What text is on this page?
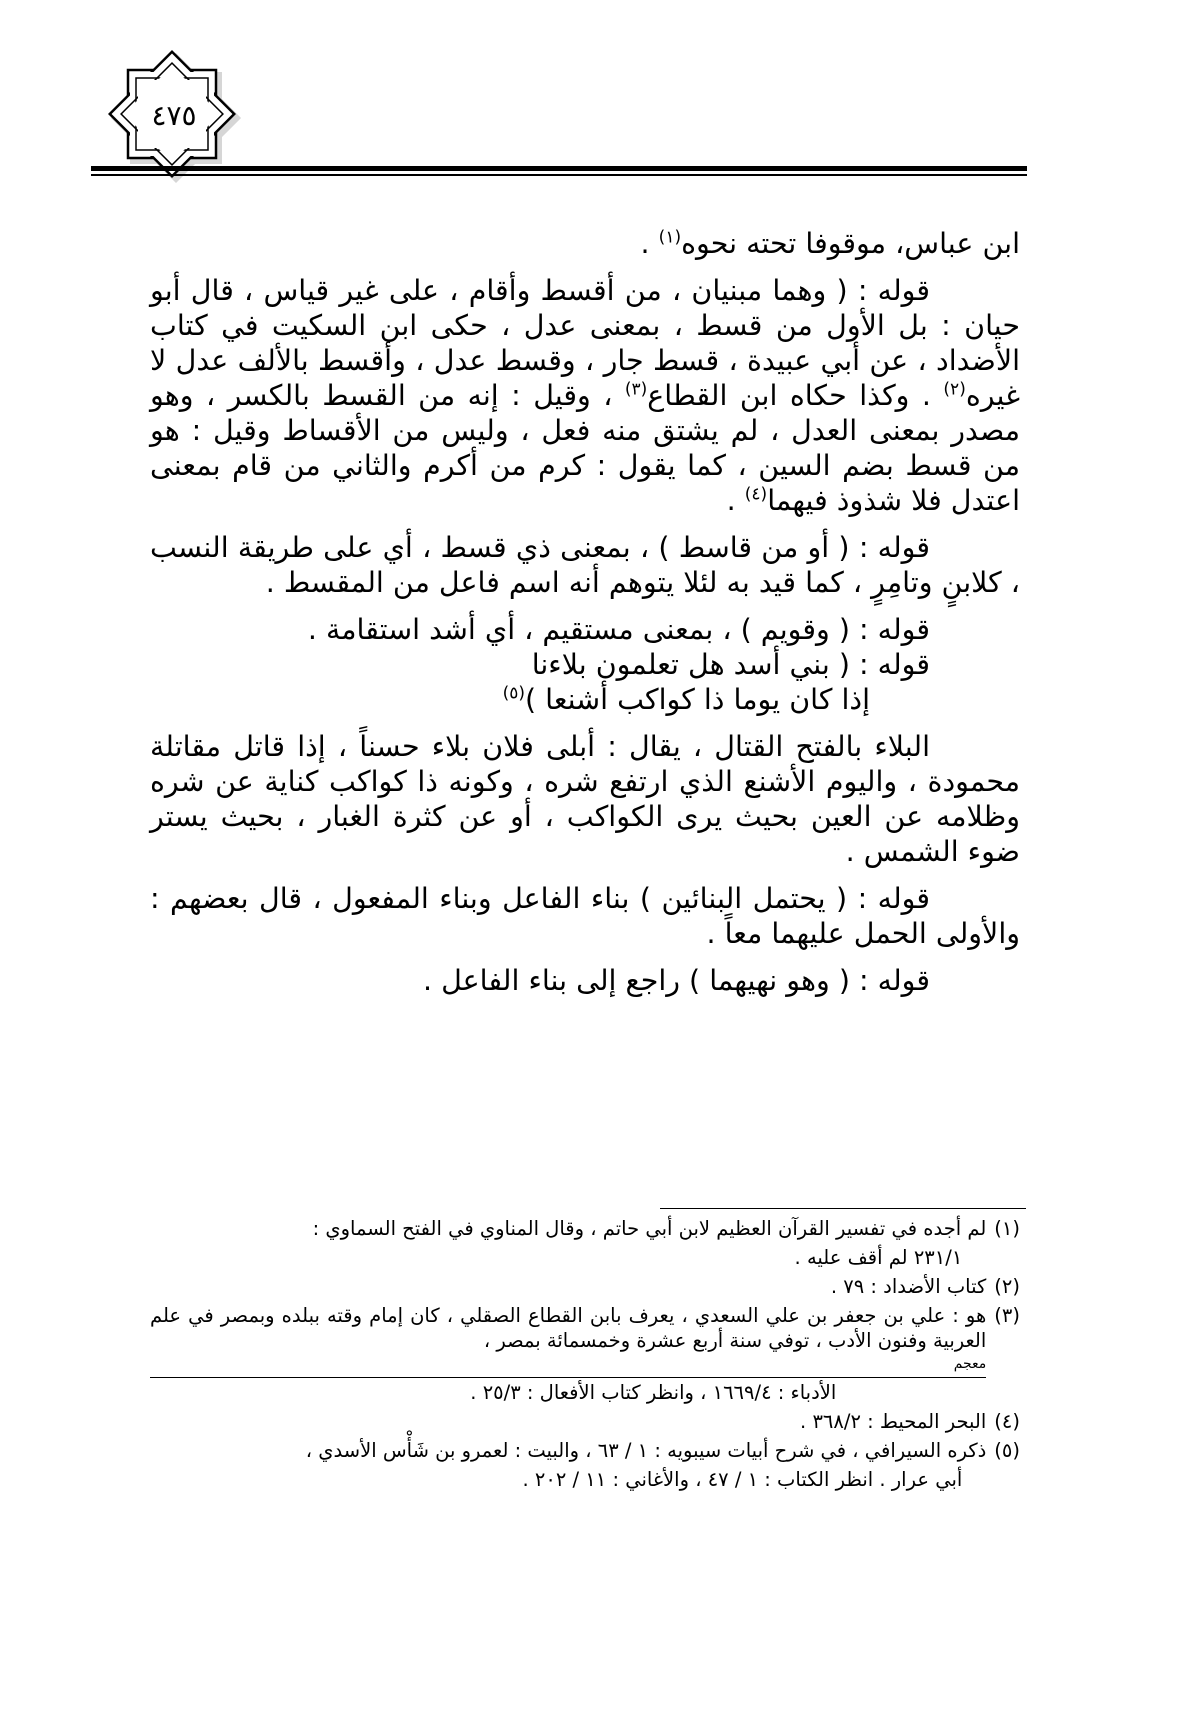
٤٧٥

ابن عباس، موقوفا تحته نحوه$^{(١)}$ .

قوله : ( وهما مبنيان ، من أقسط وأقام ، على غير قياس ، قال أبو حيان : بل الأول من قسط ، بمعنى عدل ، حكى ابن السكيت في كتاب الأضداد ، عن أبي عبيدة ، قسط جار ، وقسط عدل ، وأقسط بالألف عدل لا غيره$^{(٢)}$ . وكذا حكاه ابن القطاع$^{(٣)}$ ، وقيل : إنه من القسط بالكسر ، وهو مصدر بمعنى العدل ، لم يشتق منه فعل ، وليس من الأقساط وقيل : هو من قسط بضم السين ، كما يقول : كرم من أكرم والثاني من قام بمعنى اعتدل فلا شذوذ فيهما$^{(٤)}$ .

قوله : ( أو من قاسط ) ، بمعنى ذي قسط ، أي على طريقة النسب ، كلابنٍ وتامِرٍ ، كما قيد به لئلا يتوهم أنه اسم فاعل من المقسط .

قوله : ( وقويم ) ، بمعنى مستقيم ، أي أشد استقامة .

قوله : ( بني أسد هل تعلمون بلاءنا

إذا كان يوما ذا كواكب أشنعا )$^{(٥)}$

البلاء بالفتح القتال ، يقال : أبلى فلان بلاء حسناً ، إذا قاتل مقاتلة محمودة ، واليوم الأشنع الذي ارتفع شره ، وكونه ذا كواكب كناية عن شره وظلامه عن العين بحيث يرى الكواكب ، أو عن كثرة الغبار ، بحيث يستر ضوء الشمس .

قوله : ( يحتمل البنائين ) بناء الفاعل وبناء المفعول ، قال بعضهم : والأولى الحمل عليهما معاً .

قوله : ( وهو نهيهما ) راجع إلى بناء الفاعل .

(١)
لم أجده في تفسير القرآن العظيم لابن أبي حاتم ، وقال المناوي في الفتح السماوي :
٢٣١/١ لم أقف عليه .
(٢)
كتاب الأضداد : ٧٩ .
(٣)
هو : علي بن جعفر بن علي السعدي ، يعرف بابن القطاع الصقلي ، كان إمام وقته ببلده وبمصر في علم العربية وفنون الأدب ، توفي سنة أربع عشرة وخمسمائة بمصر ،
معجم
الأدباء : ١٦٦٩/٤ ، وانظر كتاب الأفعال : ٢٥/٣ .
(٤)
البحر المحيط : ٣٦٨/٢ .
(٥)
ذكره السيرافي ، في شرح أبيات سيبويه : ١ / ٦٣ ، والبيت : لعمرو بن شَأْس الأسدي ،
أبي عرار . انظر الكتاب : ١ / ٤٧ ، والأغاني : ١١ / ٢٠٢ .
